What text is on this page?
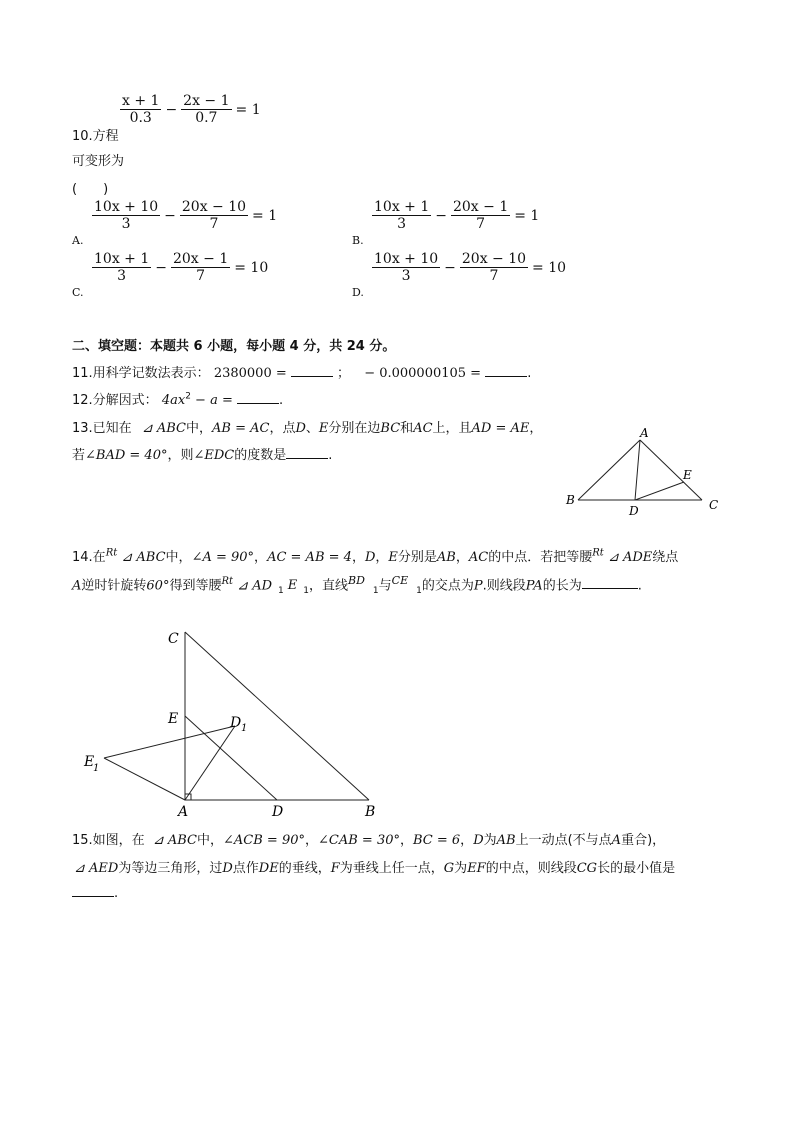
$\frac{x + 1}{0.3} - \frac{2x - 1}{0.7} = 1$
10.方程
可变形为
(　　)
A.
$\frac{10x + 10}{3} - \frac{20x - 10}{7} = 1$
B.
$\frac{10x + 1}{3} - \frac{20x - 1}{7} = 1$
C.
$\frac{10x + 1}{3} - \frac{20x - 1}{7} = 10$
D.
$\frac{10x + 10}{3} - \frac{20x - 10}{7} = 10$
二、填空题：本题共 6 小题，每小题 4 分，共 24 分。
11.用科学记数法表示： 2380000 =	； − 0.000000105 =	.
12.分解因式： $4ax^2 - a$ =	.
13.已知在 ⊿ ABC中，AB = AC，点D、E分别在边BC和AC上，且AD = AE，
若∠BAD = 40°，则∠EDC的度数是	.
A
B	C
D
E
14.在$^{Rt}$ ⊿ ABC中，∠A = 90°，AC = AB = 4，D，E分别是AB，AC的中点．若把等腰$^{Rt}$ ⊿ ADE绕点
A逆时针旋转60°得到等腰$^{Rt}$ ⊿ AD $_1$ E $_1$，直线$^{BD}_1$与$^{CE}_1$的交点为P.则线段PA的长为	.
C
E	D 1
E
1
A	D	B
15.如图，在 ⊿ ABC中，∠ACB = 90°，∠CAB = 30°，BC = 6，D为AB上一动点(不与点A重合)，
⊿ AED为等边三角形，过D点作DE的垂线，F为垂线上任一点，G为EF的中点，则线段CG长的最小值是
.
